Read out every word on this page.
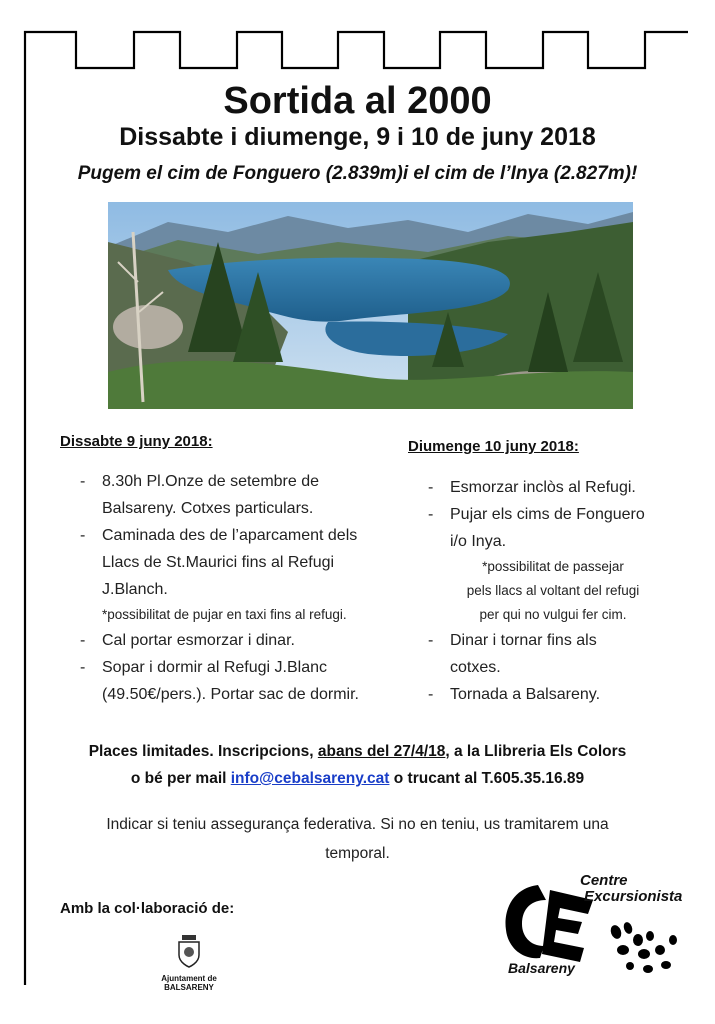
Sortida al 2000
Dissabte i diumenge, 9 i 10 de juny 2018
Pugem el cim de Fonguero (2.839m)i el cim de l’Inya (2.827m)!
Dissabte 9 juny 2018:
- 8.30h Pl.Onze de setembre de
Balsareny. Cotxes particulars.
- Caminada des de l’aparcament dels
Llacs de St.Maurici fins al Refugi
J.Blanch.
*possibilitat de pujar en taxi fins al refugi.
- Cal portar esmorzar i dinar.
- Sopar i dormir al Refugi J.Blanc
(49.50€/pers.). Portar sac de dormir.
Diumenge 10 juny 2018:
- Esmorzar inclòs al Refugi.
- Pujar els cims de Fonguero
i/o Inya.
*possibilitat de passejar
pels llacs al voltant del refugi
per qui no vulgui fer cim.
- Dinar i tornar fins als
cotxes.
- Tornada a Balsareny.
Places limitades. Inscripcions, abans del 27/4/18, a la Llibreria Els Colors
o bé per mail info@cebalsareny.cat o trucant al T.605.35.16.89
Indicar si teniu assegurança federativa. Si no en teniu, us tramitarem una
temporal.
Amb la col·laboració de:
Ajuntament de
BALSARENY
Centre
Excursionista
Balsareny
